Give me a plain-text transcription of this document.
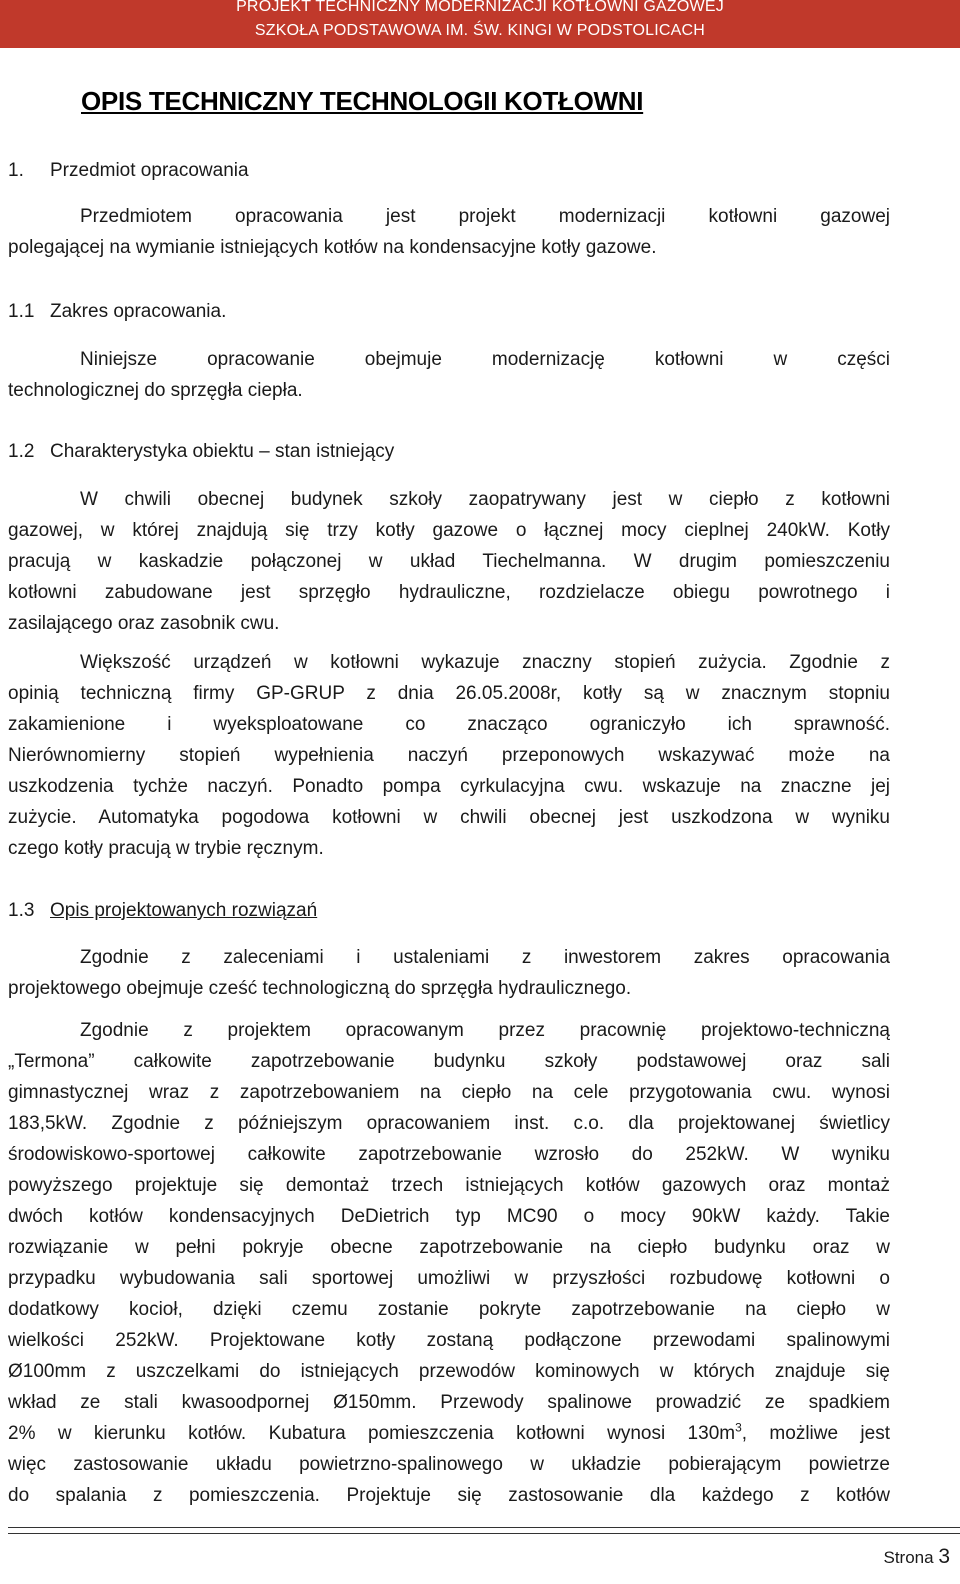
PROJEKT TECHNICZNY MODERNIZACJI KOTŁOWNI GAZOWEJ
SZKOŁA PODSTAWOWA IM. ŚW. KINGI W PODSTOLICACH
OPIS TECHNICZNY TECHNOLOGII KOTŁOWNI
1. Przedmiot opracowania
Przedmiotem opracowania jest projekt modernizacji kotłowni gazowej
polegającej na wymianie istniejących kotłów na kondensacyjne kotły gazowe.
1.1 Zakres opracowania.
Niniejsze opracowanie obejmuje modernizację kotłowni w części
technologicznej do sprzęgła ciepła.
1.2 Charakterystyka obiektu – stan istniejący
W chwili obecnej budynek szkoły zaopatrywany jest w ciepło z kotłowni
gazowej, w której znajdują się trzy kotły gazowe o łącznej mocy cieplnej 240kW. Kotły
pracują w kaskadzie połączonej w układ Tiechelmanna. W drugim pomieszczeniu
kotłowni zabudowane jest sprzęgło hydrauliczne, rozdzielacze obiegu powrotnego i
zasilającego oraz zasobnik cwu.
Większość urządzeń w kotłowni wykazuje znaczny stopień zużycia. Zgodnie z
opinią techniczną firmy GP-GRUP z dnia 26.05.2008r, kotły są w znacznym stopniu
zakamienione i wyeksploatowane co znacząco ograniczyło ich sprawność.
Nierównomierny stopień wypełnienia naczyń przeponowych wskazywać może na
uszkodzenia tychże naczyń. Ponadto pompa cyrkulacyjna cwu. wskazuje na znaczne jej
zużycie. Automatyka pogodowa kotłowni w chwili obecnej jest uszkodzona w wyniku
czego kotły pracują w trybie ręcznym.
1.3 Opis projektowanych rozwiązań
Zgodnie z zaleceniami i ustaleniami z inwestorem zakres opracowania
projektowego obejmuje cześć technologiczną do sprzęgła hydraulicznego.
Zgodnie z projektem opracowanym przez pracownię projektowo-techniczną
„Termona” całkowite zapotrzebowanie budynku szkoły podstawowej oraz sali
gimnastycznej wraz z zapotrzebowaniem na ciepło na cele przygotowania cwu. wynosi
183,5kW. Zgodnie z późniejszym opracowaniem inst. c.o. dla projektowanej świetlicy
środowiskowo-sportowej całkowite zapotrzebowanie wzrosło do 252kW. W wyniku
powyższego projektuje się demontaż trzech istniejących kotłów gazowych oraz montaż
dwóch kotłów kondensacyjnych DeDietrich typ MC90 o mocy 90kW każdy. Takie
rozwiązanie w pełni pokryje obecne zapotrzebowanie na ciepło budynku oraz w
przypadku wybudowania sali sportowej umożliwi w przyszłości rozbudowę kotłowni o
dodatkowy kocioł, dzięki czemu zostanie pokryte zapotrzebowanie na ciepło w
wielkości 252kW. Projektowane kotły zostaną podłączone przewodami spalinowymi
Ø100mm z uszczelkami do istniejących przewodów kominowych w których znajduje się
wkład ze stali kwasoodpornej Ø150mm. Przewody spalinowe prowadzić ze spadkiem
2% w kierunku kotłów. Kubatura pomieszczenia kotłowni wynosi $130m^3$, możliwe jest
więc zastosowanie układu powietrzno-spalinowego w układzie pobierającym powietrze
do spalania z pomieszczenia. Projektuje się zastosowanie dla każdego z kotłów
Strona 3
